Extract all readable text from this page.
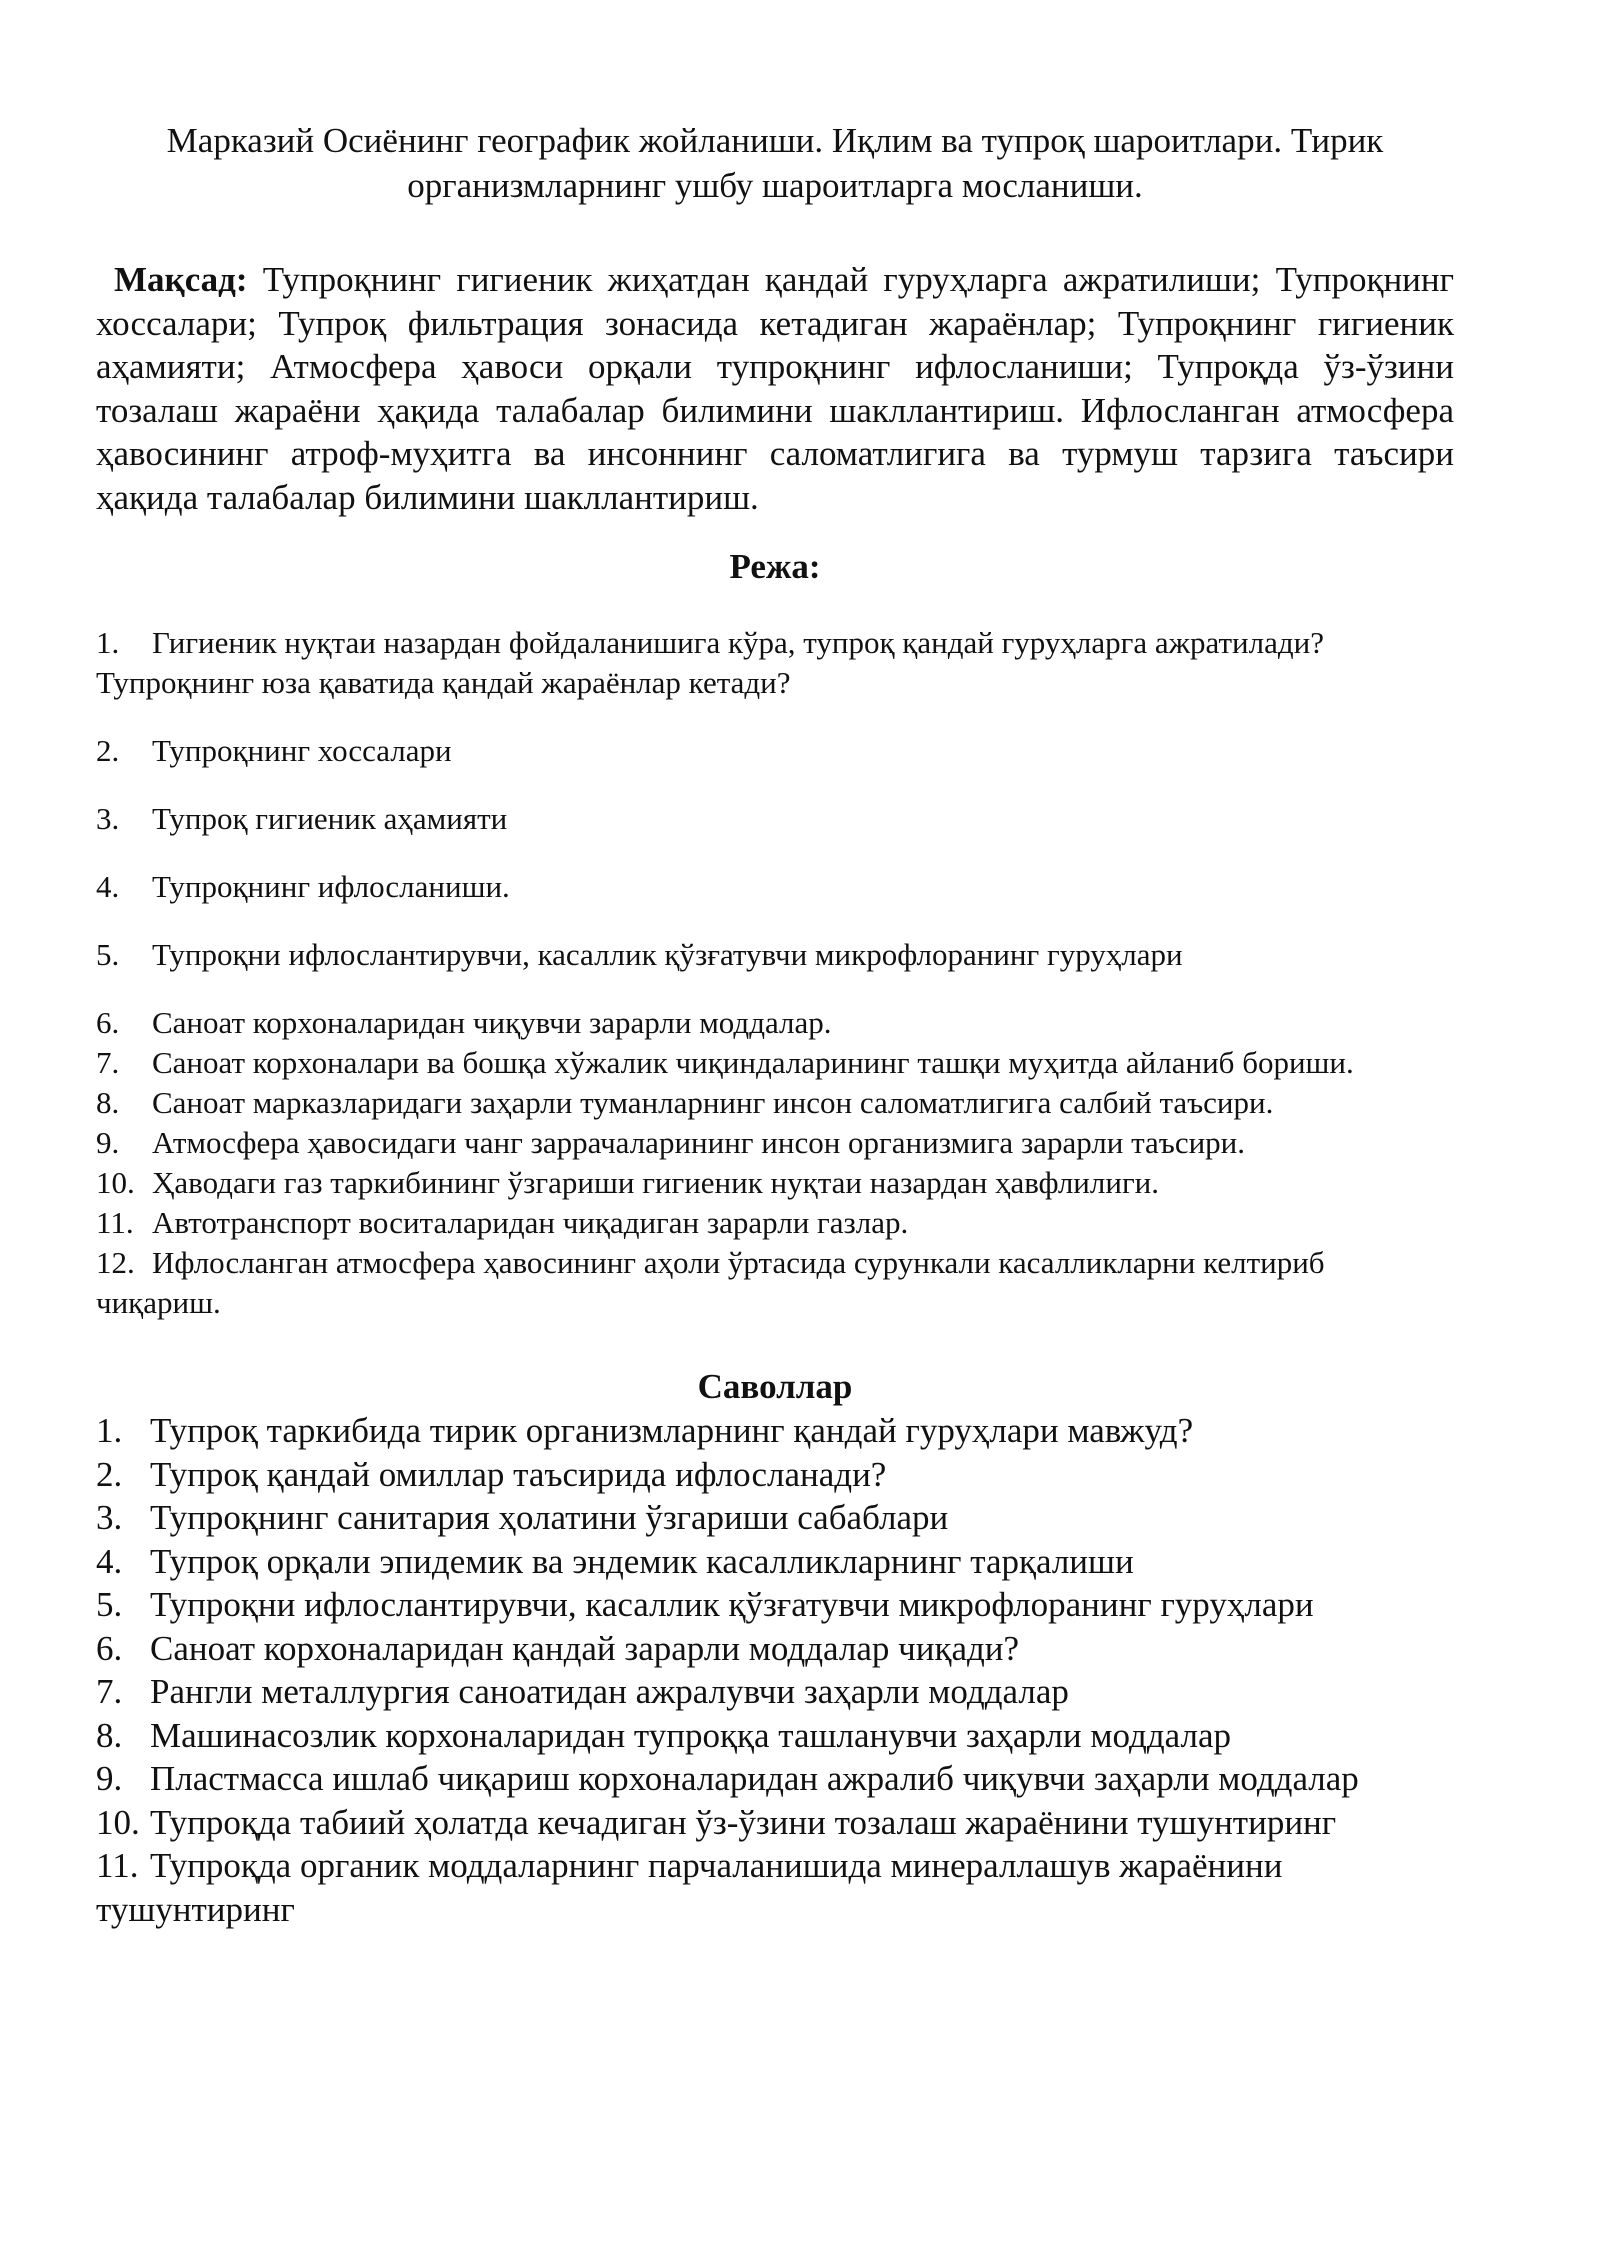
Марказий Осиёнинг географик жойланиши. Иқлим ва тупроқ шароитлари. Тирик организмларнинг ушбу шароитларга мосланиши.
Мақсад: Тупроқнинг гигиеник жиҳатдан қандай гуруҳларга ажратилиши; Тупроқнинг хоссалари; Тупроқ фильтрация зонасида кетадиган жараёнлар; Тупроқнинг гигиеник аҳамияти; Атмосфера ҳавоси орқали тупроқнинг ифлосланиши; Тупроқда ўз-ўзини тозалаш жараёни ҳақида талабалар билимини шакллантириш. Ифлосланган атмосфера ҳавосининг атроф-муҳитга ва инсоннинг саломатлигига ва турмуш тарзига таъсири ҳақида талабалар билимини шакллантириш.
Режа:
1. Гигиеник нуқтаи назардан фойдаланишига кўра, тупроқ қандай гуруҳларга ажратилади? Тупроқнинг юза қаватида қандай жараёнлар кетади?
2. Тупроқнинг хоссалари
3. Тупроқ гигиеник аҳамияти
4. Тупроқнинг ифлосланиши.
5. Тупроқни ифлослантирувчи, касаллик қўзғатувчи микрофлоранинг гуруҳлари
6. Саноат корхоналаридан чиқувчи зарарли моддалар.
7. Саноат корхоналари ва бошқа хўжалик чиқиндаларининг ташқи муҳитда айланиб бориши.
8. Саноат марказларидаги заҳарли туманларнинг инсон саломатлигига салбий таъсири.
9. Атмосфера ҳавосидаги чанг заррачаларининг инсон организмига зарарли таъсири.
10. Ҳаводаги газ таркибининг ўзгариши гигиеник нуқтаи назардан ҳавфлилиги.
11. Автотранспорт воситаларидан чиқадиган зарарли газлар.
12. Ифлосланган атмосфера ҳавосининг аҳоли ўртасида сурункали касалликларни келтириб чиқариш.
Саволлар
1. Тупроқ таркибида тирик организмларнинг қандай гуруҳлари мавжуд?
2. Тупроқ қандай омиллар таъсирида ифлосланади?
3. Тупроқнинг санитария ҳолатини ўзгариши сабаблари
4. Тупроқ орқали эпидемик ва эндемик касалликларнинг тарқалиши
5. Тупроқни ифлослантирувчи, касаллик қўзғатувчи микрофлоранинг гуруҳлари
6. Саноат корхоналаридан қандай зарарли моддалар чиқади?
7. Рангли металлургия саноатидан ажралувчи заҳарли моддалар
8. Машинасозлик корхоналаридан тупроққа ташланувчи заҳарли моддалар
9. Пластмасса ишлаб чиқариш корхоналаридан ажралиб чиқувчи заҳарли моддалар
10. Тупроқда табиий ҳолатда кечадиган ўз-ўзини тозалаш жараёнини тушунтиринг
11. Тупроқда органик моддаларнинг парчаланишида минераллашув жараёнини тушунтиринг
